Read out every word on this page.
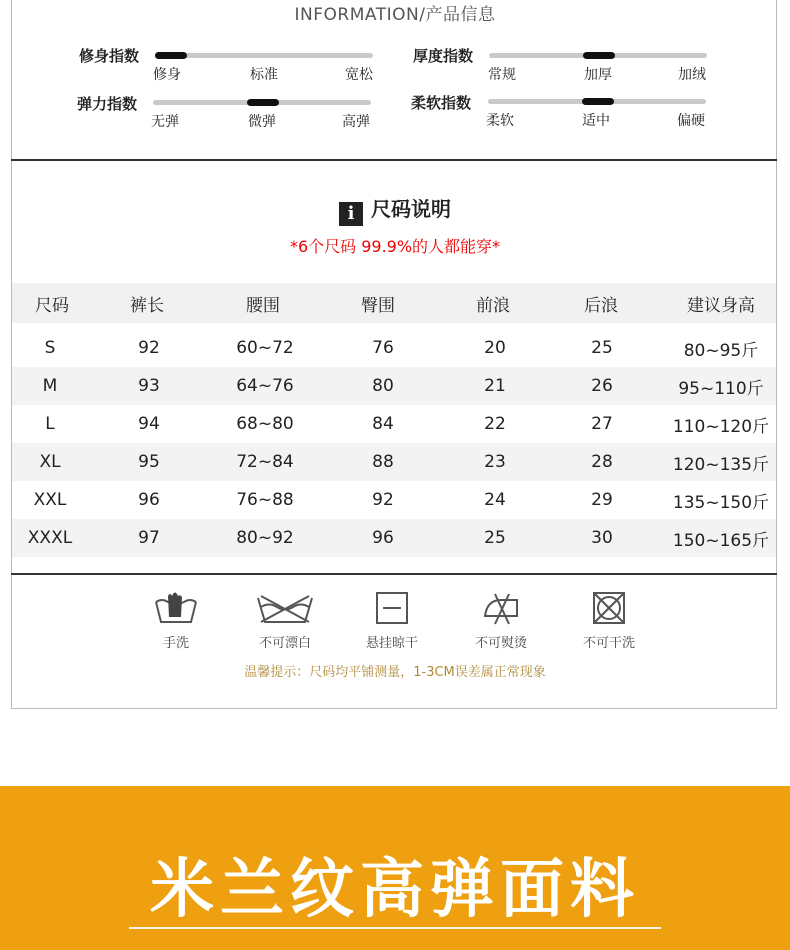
INFORMATION/产品信息
修身指数
修身	标准	宽松
厚度指数
常规	加厚	加绒
弹力指数
无弹	微弹	高弹
柔软指数
柔软	适中	偏硬
i 尺码说明
*6个尺码 99.9%的人都能穿*
尺码	裤长	腰围	臀围	前浪	后浪	建议身高
S	92	60~72	76	20	25	80~95斤
M	93	64~76	80	21	26	95~110斤
L	94	68~80	84	22	27	110~120斤
XL	95	72~84	88	23	28	120~135斤
XXL	96	76~88	92	24	29	135~150斤
XXXL	97	80~92	96	25	30	150~165斤
手洗	不可漂白	悬挂晾干	不可熨烫	不可干洗
温馨提示：尺码均平铺测量，1-3CM误差属正常现象
米兰纹高弹面料
